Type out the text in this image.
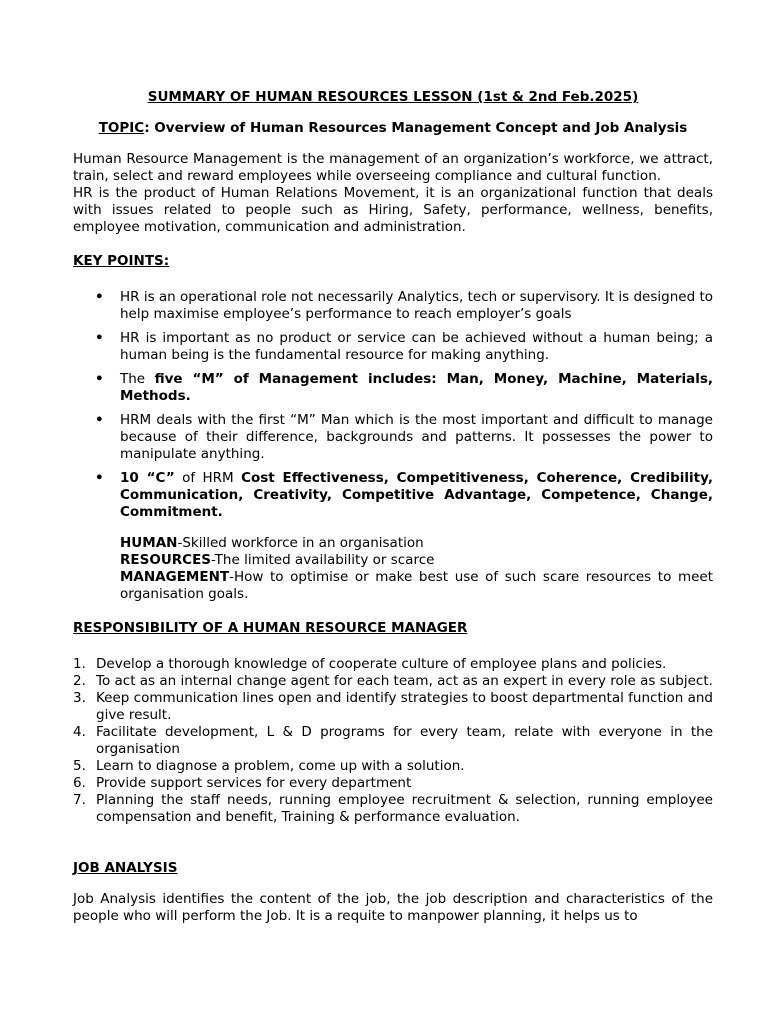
SUMMARY OF HUMAN RESOURCES LESSON (1st & 2nd Feb.2025)
TOPIC: Overview of Human Resources Management Concept and Job Analysis

Human Resource Management is the management of an organization’s workforce, we attract, train, select and reward employees while overseeing compliance and cultural function.

HR is the product of Human Relations Movement, it is an organizational function that deals with issues related to people such as Hiring, Safety, performance, wellness, benefits, employee motivation, communication and administration.

KEY POINTS:
• HR is an operational role not necessarily Analytics, tech or supervisory. It is designed to help maximise employee’s performance to reach employer’s goals
• HR is important as no product or service can be achieved without a human being; a human being is the fundamental resource for making anything.
• The five “M” of Management includes: Man, Money, Machine, Materials, Methods.
• HRM deals with the first “M” Man which is the most important and difficult to manage because of their difference, backgrounds and patterns. It possesses the power to manipulate anything.
• 10 “C” of HRM Cost Effectiveness, Competitiveness, Coherence, Credibility, Communication, Creativity, Competitive Advantage, Competence, Change, Commitment.
HUMAN-Skilled workforce in an organisation
RESOURCES-The limited availability or scarce
MANAGEMENT-How to optimise or make best use of such scare resources to meet organisation goals.
RESPONSIBILITY OF A HUMAN RESOURCE MANAGER
1. Develop a thorough knowledge of cooperate culture of employee plans and policies.
2. To act as an internal change agent for each team, act as an expert in every role as subject.
3. Keep communication lines open and identify strategies to boost departmental function and give result.
4. Facilitate development, L & D programs for every team, relate with everyone in the organisation
5. Learn to diagnose a problem, come up with a solution.
6. Provide support services for every department
7. Planning the staff needs, running employee recruitment & selection, running employee compensation and benefit, Training & performance evaluation.
JOB ANALYSIS

Job Analysis identifies the content of the job, the job description and characteristics of the people who will perform the Job. It is a requite to manpower planning, it helps us to
